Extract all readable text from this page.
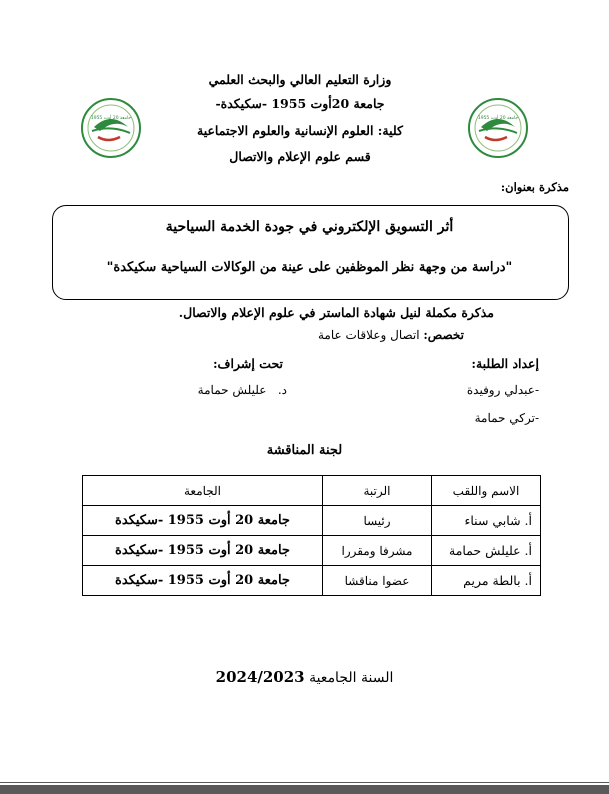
وزارة التعليم العالي والبحث العلمي
جامعة 20أوت 1955 -سكيكدة-
كلية: العلوم الإنسانية والعلوم الاجتماعية
قسم علوم الإعلام والاتصال
جامعة 20 أوت 1955	جامعة 20 أوت 1955
مذكرة بعنوان:
أثر التسويق الإلكتروني في جودة الخدمة السياحية
"دراسة من وجهة نظر الموظفين على عينة من الوكالات السياحية سكيكدة"
مذكرة مكملة لنيل شهادة الماستر في علوم الإعلام والاتصال.
تخصص: اتصال وعلاقات عامة
إعداد الطلبة:
-عبدلي روفيدة
-تركي حمامة
تحت إشراف:
د.   عليلش حمامة
لجنة المناقشة
الاسم واللقب	الرتبة	الجامعة
أ. شابي سناء	رئيسا	جامعة 20 أوت 1955 -سكيكدة
أ. عليلش حمامة	مشرفا ومقررا	جامعة 20 أوت 1955 -سكيكدة
أ. بالطة مريم	عضوا مناقشا	جامعة 20 أوت 1955 -سكيكدة
السنة الجامعية 2024/2023
